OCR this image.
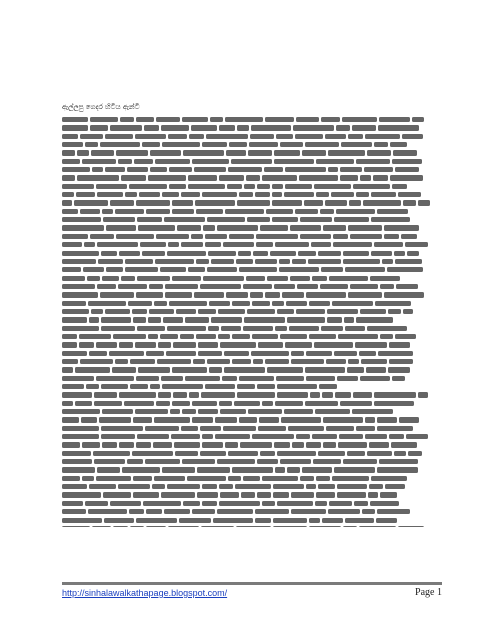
ඇල්ලපු ගෙදර හිටිය ඇන්ටි
http://sinhalawalkathapage.blogspot.com/	Page 1
